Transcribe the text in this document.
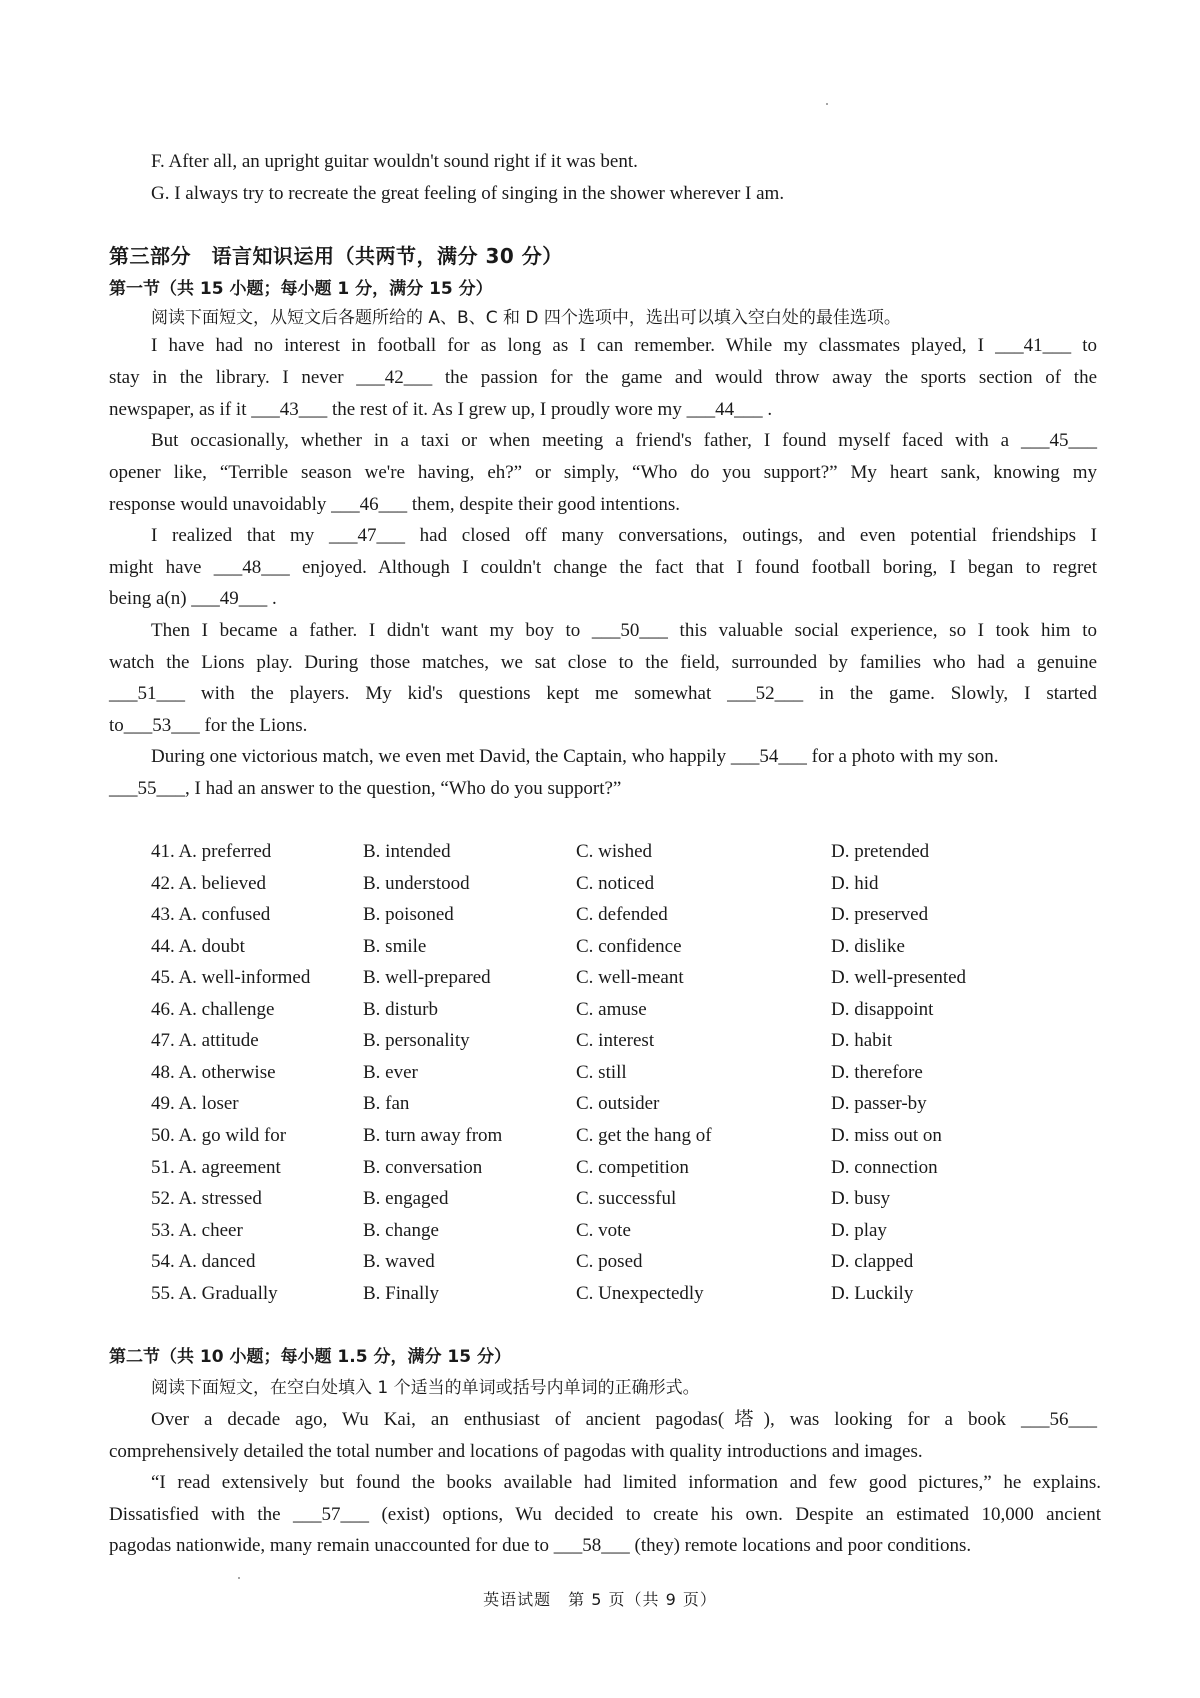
F. After all, an upright guitar wouldn't sound right if it was bent.
G. I always try to recreate the great feeling of singing in the shower wherever I am.
第三部分　语言知识运用（共两节，满分 30 分）
第一节（共 15 小题；每小题 1 分，满分 15 分）
阅读下面短文，从短文后各题所给的 A、B、C 和 D 四个选项中，选出可以填入空白处的最佳选项。
I have had no interest in football for as long as I can remember. While my classmates played, I ___41___ to
stay in the library. I never ___42___ the passion for the game and would throw away the sports section of the
newspaper, as if it ___43___ the rest of it. As I grew up, I proudly wore my ___44___ .
But occasionally, whether in a taxi or when meeting a friend's father, I found myself faced with a ___45___
opener like, “Terrible season we're having, eh?” or simply, “Who do you support?” My heart sank, knowing my
response would unavoidably ___46___ them, despite their good intentions.
I realized that my ___47___ had closed off many conversations, outings, and even potential friendships I
might have ___48___ enjoyed. Although I couldn't change the fact that I found football boring, I began to regret
being a(n) ___49___ .
Then I became a father. I didn't want my boy to ___50___ this valuable social experience, so I took him to
watch the Lions play. During those matches, we sat close to the field, surrounded by families who had a genuine
___51___ with the players. My kid's questions kept me somewhat ___52___ in the game. Slowly, I started
to___53___ for the Lions.
During one victorious match, we even met David, the Captain, who happily ___54___ for a photo with my son.
___55___, I had an answer to the question, “Who do you support?”
41. A. preferred	B. intended	C. wished	D. pretended
42. A. believed	B. understood	C. noticed	D. hid
43. A. confused	B. poisoned	C. defended	D. preserved
44. A. doubt	B. smile	C. confidence	D. dislike
45. A. well-informed	B. well-prepared	C. well-meant	D. well-presented
46. A. challenge	B. disturb	C. amuse	D. disappoint
47. A. attitude	B. personality	C. interest	D. habit
48. A. otherwise	B. ever	C. still	D. therefore
49. A. loser	B. fan	C. outsider	D. passer-by
50. A. go wild for	B. turn away from	C. get the hang of	D. miss out on
51. A. agreement	B. conversation	C. competition	D. connection
52. A. stressed	B. engaged	C. successful	D. busy
53. A. cheer	B. change	C. vote	D. play
54. A. danced	B. waved	C. posed	D. clapped
55. A. Gradually	B. Finally	C. Unexpectedly	D. Luckily
第二节（共 10 小题；每小题 1.5 分，满分 15 分）
阅读下面短文，在空白处填入 1 个适当的单词或括号内单词的正确形式。
Over a decade ago, Wu Kai, an enthusiast of ancient pagodas(塔), was looking for a book ___56___
comprehensively detailed the total number and locations of pagodas with quality introductions and images.
“I read extensively but found the books available had limited information and few good pictures,” he explains.
Dissatisfied with the ___57___ (exist) options, Wu decided to create his own. Despite an estimated 10,000 ancient
pagodas nationwide, many remain unaccounted for due to ___58___ (they) remote locations and poor conditions.
英语试题　第 5 页（共 9 页）
